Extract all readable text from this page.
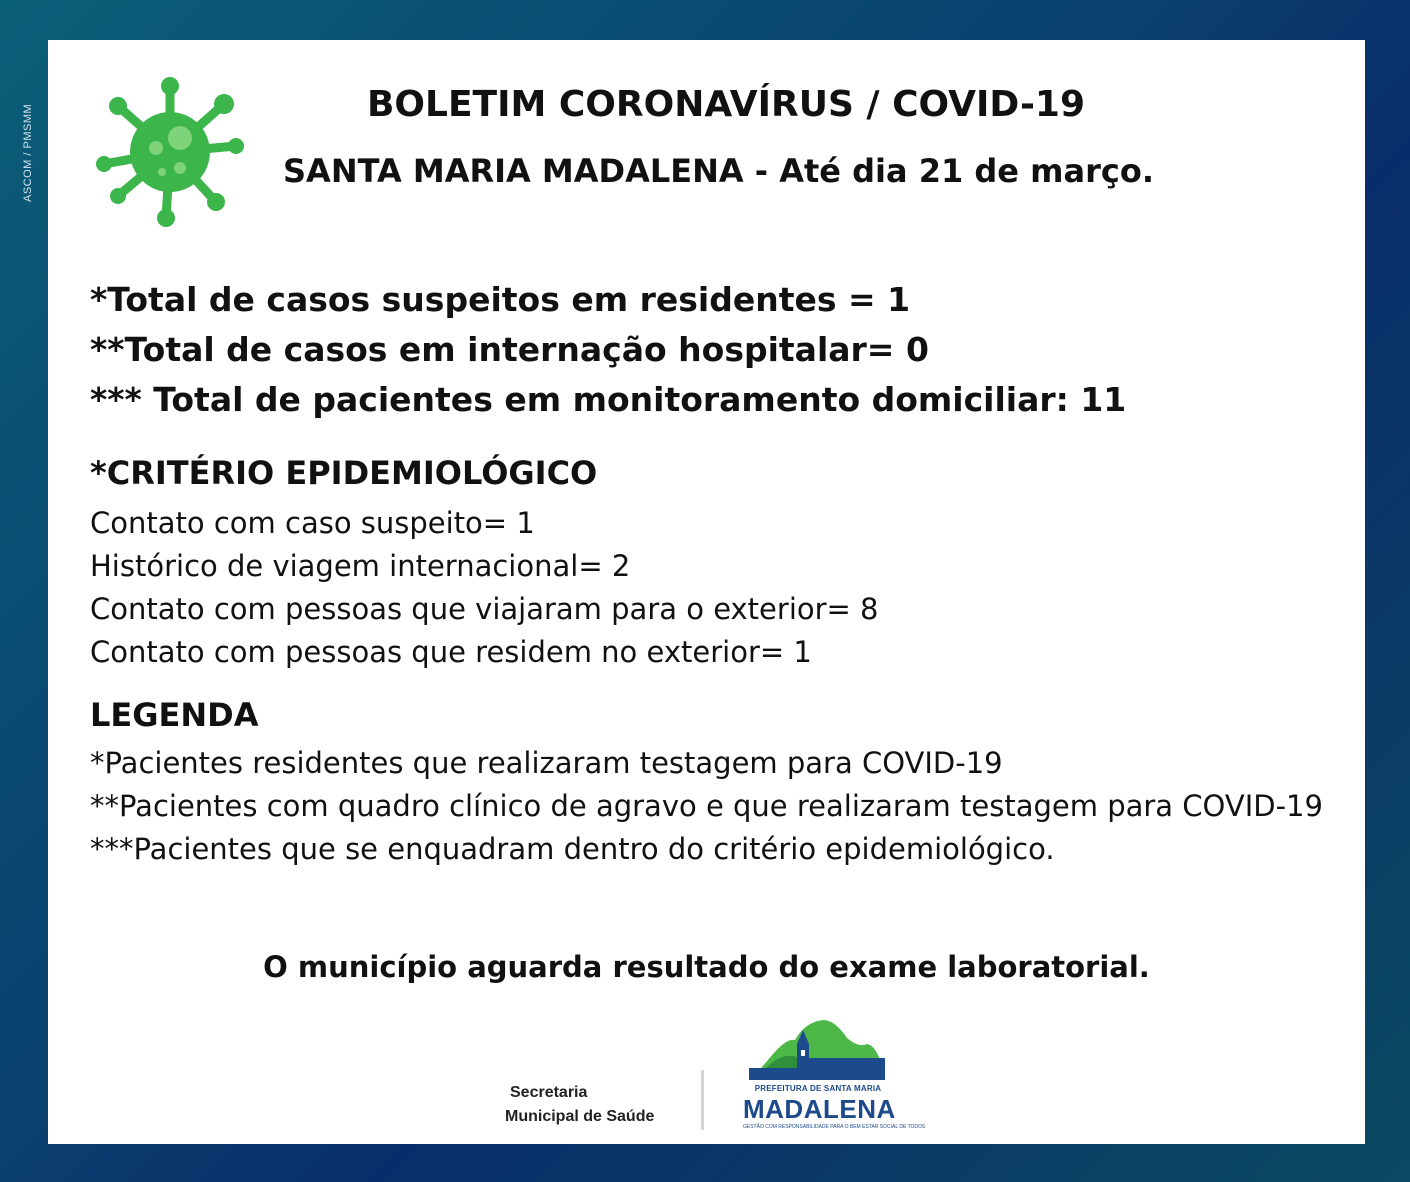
ASCOM / PMSMM	BOLETIM CORONAVÍRUS / COVID-19
SANTA MARIA MADALENA - Até dia 21 de março.
*Total de casos suspeitos em residentes = 1
**Total de casos em internação hospitalar= 0
*** Total de pacientes em monitoramento domiciliar: 11
*CRITÉRIO EPIDEMIOLÓGICO
Contato com caso suspeito= 1
Histórico de viagem internacional= 2
Contato com pessoas que viajaram para o exterior= 8
Contato com pessoas que residem no exterior= 1
LEGENDA
*Pacientes residentes que realizaram testagem para COVID-19
**Pacientes com quadro clínico de agravo e que realizaram testagem para COVID-19
***Pacientes que se enquadram dentro do critério epidemiológico.
O município aguarda resultado do exame laboratorial.
Secretaria
Municipal de Saúde
PREFEITURA DE SANTA MARIA
MADALENA
GESTÃO COM RESPONSABILIDADE PARA O BEM ESTAR SOCIAL DE TODOS
